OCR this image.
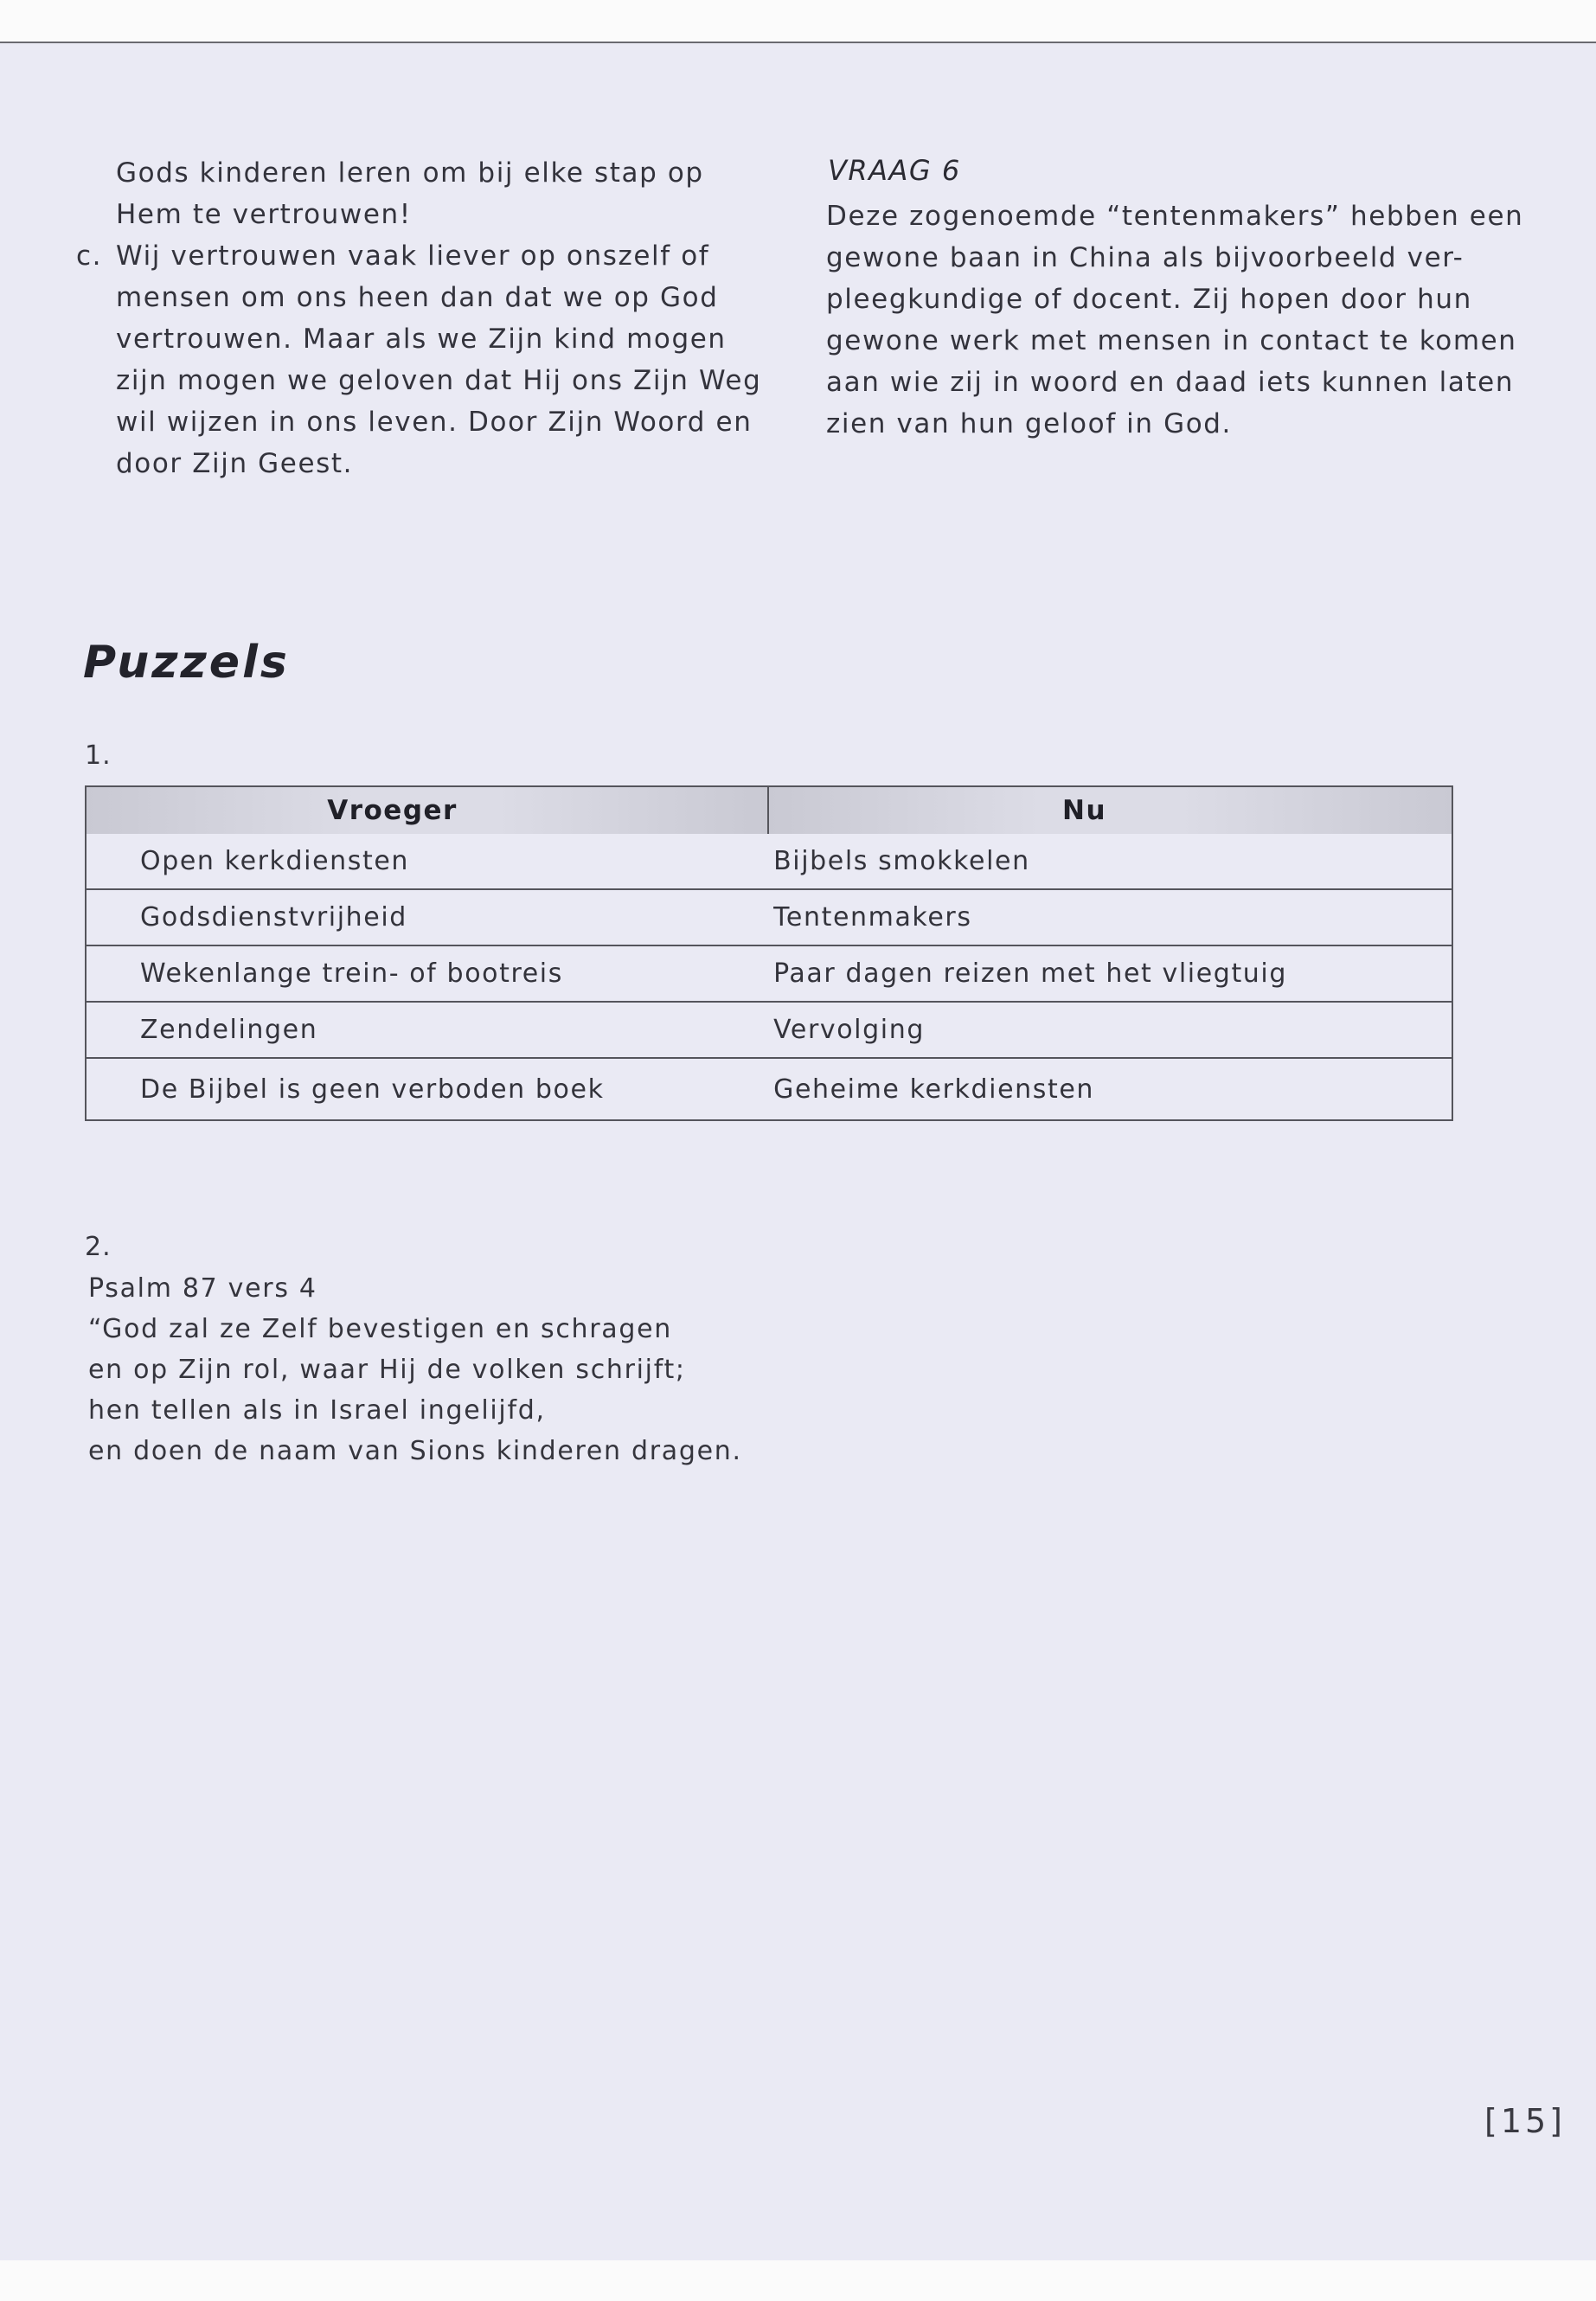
Gods kinderen leren om bij elke stap op
Hem te vertrouwen!
c. Wij vertrouwen vaak liever op onszelf of
mensen om ons heen dan dat we op God
vertrouwen. Maar als we Zijn kind mogen
zijn mogen we geloven dat Hij ons Zijn Weg
wil wijzen in ons leven. Door Zijn Woord en
door Zijn Geest.
VRAAG 6
Deze zogenoemde “tentenmakers” hebben een
gewone baan in China als bijvoorbeeld ver-
pleegkundige of docent. Zij hopen door hun
gewone werk met mensen in contact te komen
aan wie zij in woord en daad iets kunnen laten
zien van hun geloof in God.
Puzzels
1.
Vroeger	Nu
Open kerkdiensten	Bijbels smokkelen
Godsdienstvrijheid	Tentenmakers
Wekenlange trein- of bootreis	Paar dagen reizen met het vliegtuig
Zendelingen	Vervolging
De Bijbel is geen verboden boek	Geheime kerkdiensten
2.
Psalm 87 vers 4
“God zal ze Zelf bevestigen en schragen
en op Zijn rol, waar Hij de volken schrijft;
hen tellen als in Israel ingelijfd,
en doen de naam van Sions kinderen dragen.
[15]
